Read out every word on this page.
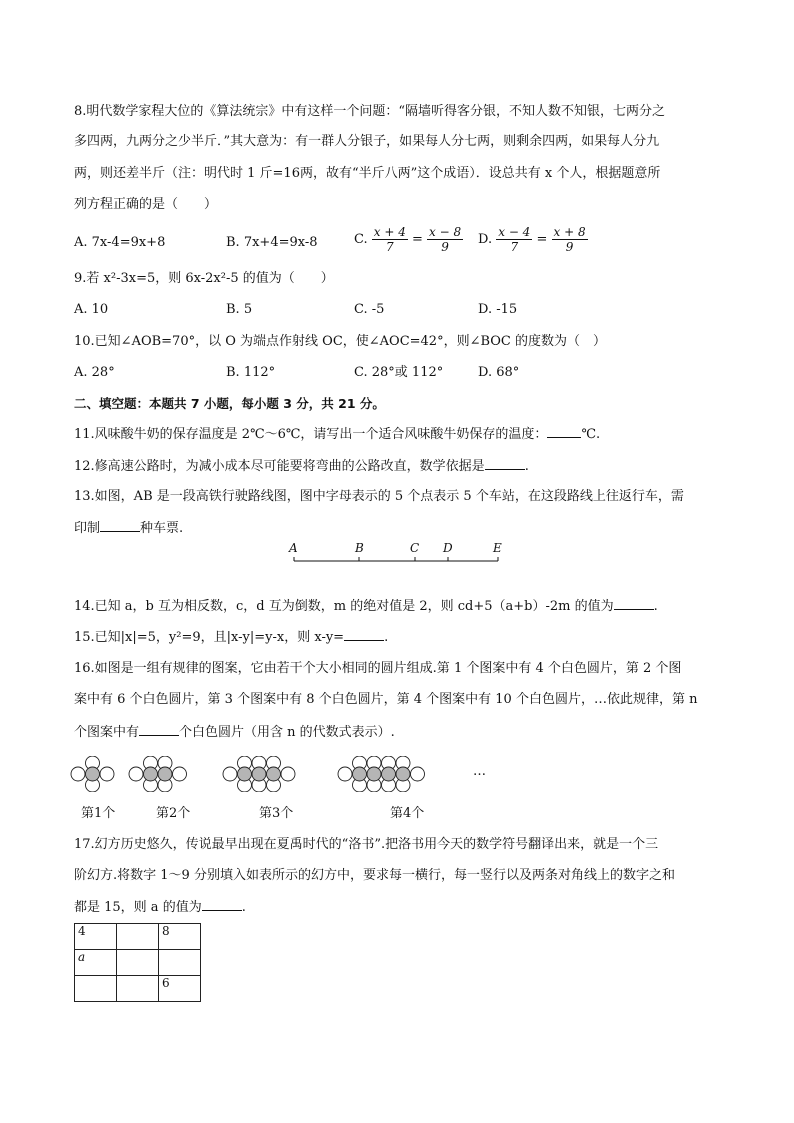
8.明代数学家程大位的《算法统宗》中有这样一个问题：“隔墙听得客分银，不知人数不知银，七两分之
多四两，九两分之少半斤．”其大意为：有一群人分银子，如果每人分七两，则剩余四两，如果每人分九
两，则还差半斤（注：明代时 1 斤=16两，故有“半斤八两”这个成语）．设总共有 x 个人，根据题意所
列方程正确的是（　　）
A. 7x-4=9x+8	B. 7x+4=9x-8	C. $\frac{x + 4}{7} = \frac{x - 8}{9} D$. $\frac{x - 4}{7} = \frac{x + 8}{9}$
9.若 x²-3x=5，则 6x-2x²-5 的值为（　　）
A. 10	B. 5	C. -5	D. -15
10.已知∠AOB=70°，以 O 为端点作射线 OC，使∠AOC=42°，则∠BOC 的度数为（　）
A. 28°	B. 112°	C. 28°或 112°	D. 68°
二、填空题：本题共 7 小题，每小题 3 分，共 21 分。
11.风味酸牛奶的保存温度是 2℃～6℃，请写出一个适合风味酸牛奶保存的温度：	℃.
12.修高速公路时，为减小成本尽可能要将弯曲的公路改直，数学依据是	.
13.如图，AB 是一段高铁行驶路线图，图中字母表示的 5 个点表示 5 个车站，在这段路线上往返行车，需
印制	种车票.
A	B	C D	E
14.已知 a，b 互为相反数，c，d 互为倒数，m 的绝对值是 2，则 cd+5（a+b）-2m 的值为	.
15.已知|x|=5，y²=9，且|x-y|=y-x，则 x-y=	.
16.如图是一组有规律的图案，它由若干个大小相同的圆片组成.第 1 个图案中有 4 个白色圆片，第 2 个图
案中有 6 个白色圆片，第 3 个图案中有 8 个白色圆片，第 4 个图案中有 10 个白色圆片，…依此规律，第 n
个图案中有	个白色圆片（用含 n 的代数式表示）.
…
第1个	第2个	第3个	第4个
17.幻方历史悠久，传说最早出现在夏禹时代的“洛书”.把洛书用今天的数学符号翻译出来，就是一个三
阶幻方.将数字 1～9 分别填入如表所示的幻方中，要求每一横行，每一竖行以及两条对角线上的数字之和
都是 15，则 a 的值为	.
4		8
a		
		6
